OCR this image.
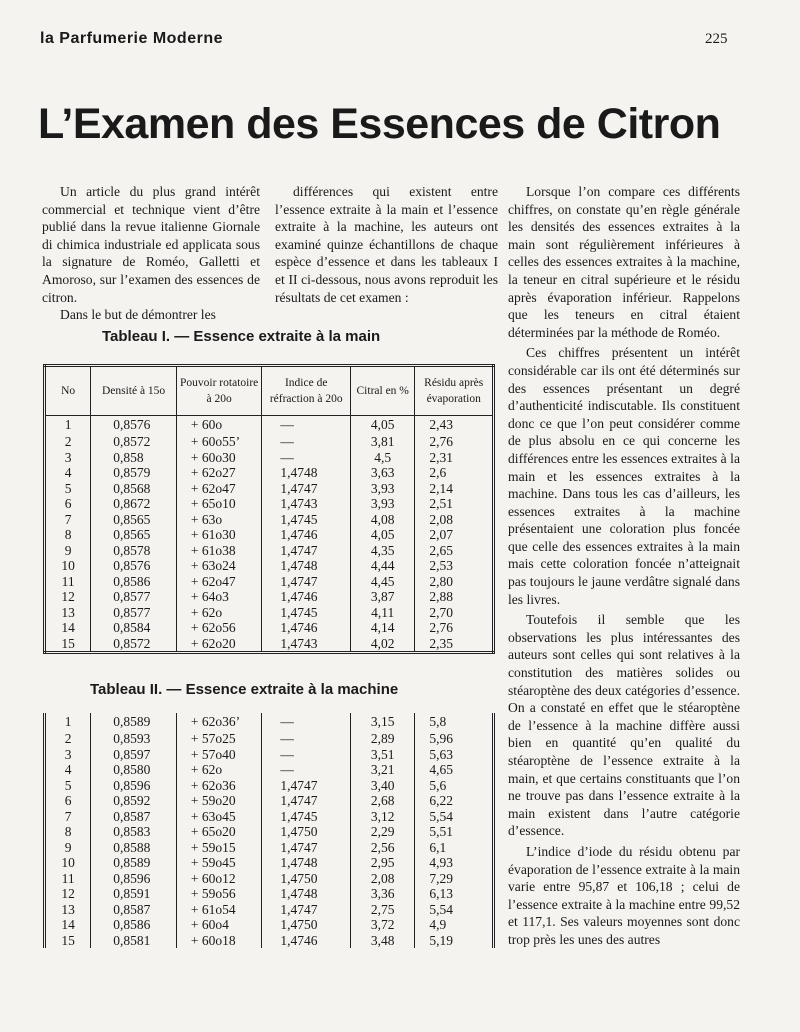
la Parfumerie Moderne	225
L’Examen des Essences de Citron

Un article du plus grand intérêt commercial et technique vient d’être publié dans la revue italienne Giornale di chimica industriale ed applicata sous la signature de Roméo, Galletti et Amoroso, sur l’examen des essences de citron.

Dans le but de démontrer les

différences qui existent entre l’essence extraite à la main et l’essence extraite à la machine, les auteurs ont examiné quinze échantillons de chaque espèce d’essence et dans les tableaux I et II ci-dessous, nous avons reproduit les résultats de cet examen :

Lorsque l’on compare ces différents chiffres, on constate qu’en règle générale les densités des essences extraites à la main sont régulièrement inférieures à celles des essences extraites à la machine, la teneur en citral supérieure et le résidu après évaporation inférieur. Rappelons que les teneurs en citral étaient déterminées par la méthode de Roméo.

Ces chiffres présentent un intérêt considérable car ils ont été déterminés sur des essences présentant un degré d’authenticité indiscutable. Ils constituent donc ce que l’on peut considérer comme de plus absolu en ce qui concerne les différences entre les essences extraites à la main et les essences extraites à la machine. Dans tous les cas d’ailleurs, les essences extraites à la machine présentaient une coloration plus foncée que celle des essences extraites à la main mais cette coloration foncée n’atteignait pas toujours le jaune verdâtre signalé dans les livres.

Toutefois il semble que les observations les plus intéressantes des auteurs sont celles qui sont relatives à la constitution des matières solides ou stéaroptène des deux catégories d’essence. On a constaté en effet que le stéaroptène de l’essence à la machine diffère aussi bien en quantité qu’en qualité du stéaroptène de l’essence extraite à la main, et que certains constituants que l’on ne trouve pas dans l’essence extraite à la main existent dans l’autre catégorie d’essence.

L’indice d’iode du résidu obtenu par évaporation de l’essence extraite à la main varie entre 95,87 et 106,18 ; celui de l’essence extraite à la machine entre 99,52 et 117,1. Ses valeurs moyennes sont donc trop près les unes des autres

Tableau I. — Essence extraite à la main
No	Densité à 15o	Pouvoir rotatoire à 20o	Indice de réfraction à 20o	Citral en %	Résidu après évaporation
1	0,8576	+ 60o	—	4,05	2,43
2	0,8572	+ 60o55’	—	3,81	2,76
3	0,858	+ 60o30	—	4,5	2,31
4	0,8579	+ 62o27	1,4748	3,63	2,6
5	0,8568	+ 62o47	1,4747	3,93	2,14
6	0,8672	+ 65o10	1,4743	3,93	2,51
7	0,8565	+ 63o	1,4745	4,08	2,08
8	0,8565	+ 61o30	1,4746	4,05	2,07
9	0,8578	+ 61o38	1,4747	4,35	2,65
10	0,8576	+ 63o24	1,4748	4,44	2,53
11	0,8586	+ 62o47	1,4747	4,45	2,80
12	0,8577	+ 64o3	1,4746	3,87	2,88
13	0,8577	+ 62o	1,4745	4,11	2,70
14	0,8584	+ 62o56	1,4746	4,14	2,76
15	0,8572	+ 62o20	1,4743	4,02	2,35
Tableau II. — Essence extraite à la machine
1	0,8589	+ 62o36’	—	3,15	5,8
2	0,8593	+ 57o25	—	2,89	5,96
3	0,8597	+ 57o40	—	3,51	5,63
4	0,8580	+ 62o	—	3,21	4,65
5	0,8596	+ 62o36	1,4747	3,40	5,6
6	0,8592	+ 59o20	1,4747	2,68	6,22
7	0,8587	+ 63o45	1,4745	3,12	5,54
8	0,8583	+ 65o20	1,4750	2,29	5,51
9	0,8588	+ 59o15	1,4747	2,56	6,1
10	0,8589	+ 59o45	1,4748	2,95	4,93
11	0,8596	+ 60o12	1,4750	2,08	7,29
12	0,8591	+ 59o56	1,4748	3,36	6,13
13	0,8587	+ 61o54	1,4747	2,75	5,54
14	0,8586	+ 60o4	1,4750	3,72	4,9
15	0,8581	+ 60o18	1,4746	3,48	5,19
